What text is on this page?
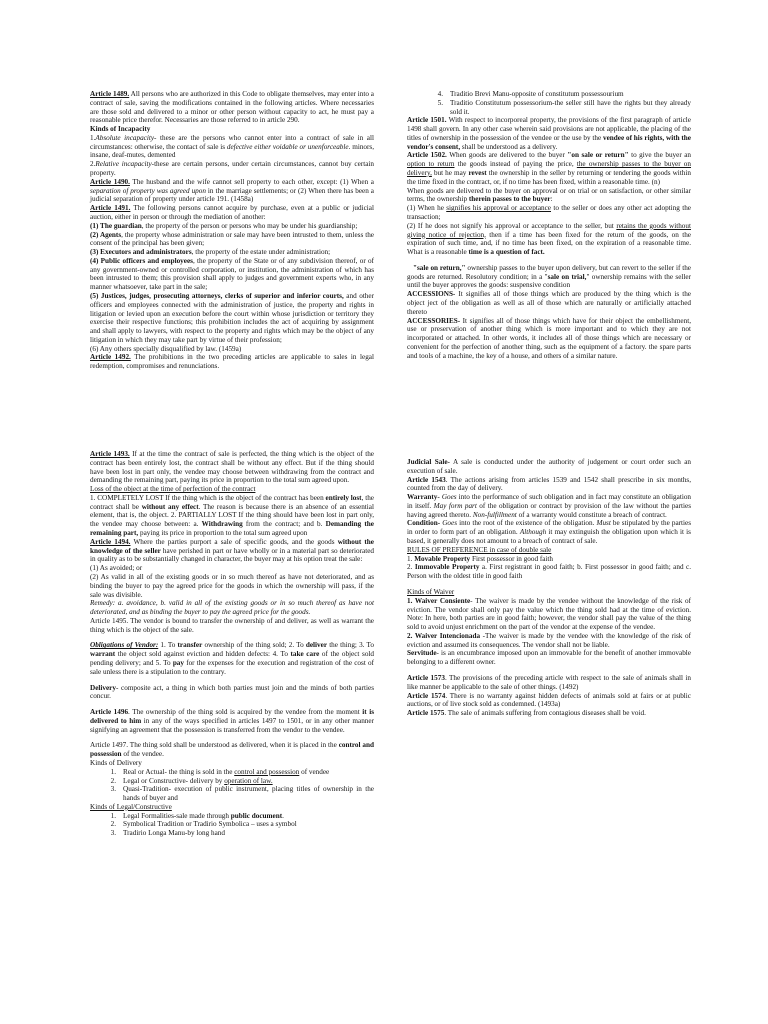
Article 1489. All persons who are authorized in this Code to obligate themselves, may enter into a contract of sale, saving the modifications contained in the following articles. Where necessaries are those sold and delivered to a minor or other person without capacity to act, he must pay a reasonable price therefor. Necessaries are those referred to in article 290.

Kinds of Incapacity

1.Absolute incapacity- these are the persons who cannot enter into a contract of sale in all circumstances: otherwise, the contact of sale is defective either voidable or unenforceable. minors, insane, deaf-mutes, demented

2.Relative incapacity-these are certain persons, under certain circumstances, cannot buy certain property.

Article 1490. The husband and the wife cannot sell property to each other, except: (1) When a separation of property was agreed upon in the marriage settlements; or (2) When there has been a judicial separation of property under article 191. (1458a)

Article 1491. The following persons cannot acquire by purchase, even at a public or judicial auction, either in person or through the mediation of another:

(1) The guardian, the property of the person or persons who may be under his guardianship;

(2) Agents, the property whose administration or sale may have been intrusted to them, unless the consent of the principal has been given;

(3) Executors and administrators, the property of the estate under administration;

(4) Public officers and employees, the property of the State or of any subdivision thereof, or of any government-owned or controlled corporation, or institution, the administration of which has been intrusted to them; this provision shall apply to judges and government experts who, in any manner whatsoever, take part in the sale;

(5) Justices, judges, prosecuting attorneys, clerks of superior and inferior courts, and other officers and employees connected with the administration of justice, the property and rights in litigation or levied upon an execution before the court within whose jurisdiction or territory they exercise their respective functions; this prohibition includes the act of acquiring by assignment and shall apply to lawyers, with respect to the property and rights which may be the object of any litigation in which they may take part by virtue of their profession;

(6) Any others specially disqualified by law. (1459a)

Article 1492. The prohibitions in the two preceding articles are applicable to sales in legal redemption, compromises and renunciations.

4. Traditio Brevi Manu-opposite of constitutum possessourium
5. Traditio Constitutum possessorium-the seller still have the rights but they already sold it.

Article 1501. With respect to incorporeal property, the provisions of the first paragraph of article 1498 shall govern. In any other case wherein said provisions are not applicable, the placing of the titles of ownership in the possession of the vendee or the use by the vendee of his rights, with the vendor's consent, shall be understood as a delivery.

Article 1502. When goods are delivered to the buyer "on sale or return" to give the buyer an option to return the goods instead of paying the price, the ownership passes to the buyer on delivery, but he may revest the ownership in the seller by returning or tendering the goods within the time fixed in the contract, or, if no time has been fixed, within a reasonable time. (n)

When goods are delivered to the buyer on approval or on trial or on satisfaction, or other similar terms, the ownership therein passes to the buyer:

(1) When he signifies his approval or acceptance to the seller or does any other act adopting the transaction;

(2) If he does not signify his approval or acceptance to the seller, but retains the goods without giving notice of rejection, then if a time has been fixed for the return of the goods, on the expiration of such time, and, if no time has been fixed, on the expiration of a reasonable time. What is a reasonable time is a question of fact.

"sale on return," ownership passes to the buyer upon delivery, but can revert to the seller if the goods are returned. Resolutory condition; in a "sale on trial," ownership remains with the seller until the buyer approves the goods: suspensive condition

ACCESSIONS- It signifies all of those things which are produced by the thing which is the object ject of the obligation as well as all of those which are naturally or artificially attached thereto

ACCESSORIES- It signifies all of those things which have for their object the embellishment, use or preservation of another thing which is more important and to which they are not incorporated or attached. In other words, it includes all of those things which are necessary or convenient for the perfection of another thing, such as the equipment of a factory. the spare parts and tools of a machine, the key of a house, and others of a similar nature.

Article 1493. If at the time the contract of sale is perfected, the thing which is the object of the contract has been entirely lost, the contract shall be without any effect. But if the thing should have been lost in part only, the vendee may choose between withdrawing from the contract and demanding the remaining part, paying its price in proportion to the total sum agreed upon.

Loss of the object at the time of perfection of the contract

1. COMPLETELY LOST If the thing which is the object of the contract has been entirely lost, the contract shall be without any effect. The reason is because there is an absence of an essential element, that is, the object. 2. PARTIALLY LOST If the thing should have been lost in part only, the vendee may choose between: a. Withdrawing from the contract; and b. Demanding the remaining part, paying its price in proportion to the total sum agreed upon

Article 1494. Where the parties purport a sale of specific goods, and the goods without the knowledge of the seller have perished in part or have wholly or in a material part so deteriorated in quality as to be substantially changed in character, the buyer may at his option treat the sale:

(1) As avoided; or

(2) As valid in all of the existing goods or in so much thereof as have not deteriorated, and as binding the buyer to pay the agreed price for the goods in which the ownership will pass, if the sale was divisible.

Remedy: a. avoidance, b. valid in all of the existing goods or in so much thereof as have not deteriorated, and as binding the buyer to pay the agreed price for the goods.

Article 1495. The vendor is bound to transfer the ownership of and deliver, as well as warrant the thing which is the object of the sale.

Obligations of Vendor: 1. To transfer ownership of the thing sold; 2. To deliver the thing; 3. To warrant the object sold against eviction and hidden defects: 4. To take care of the object sold pending delivery; and 5. To pay for the expenses for the execution and registration of the cost of sale unless there is a stipulation to the contrary.

Delivery- composite act, a thing in which both parties must join and the minds of both parties concur.

Article 1496. The ownership of the thing sold is acquired by the vendee from the moment it is delivered to him in any of the ways specified in articles 1497 to 1501, or in any other manner signifying an agreement that the possession is transferred from the vendor to the vendee.

Article 1497. The thing sold shall be understood as delivered, when it is placed in the control and possession of the vendee.

Kinds of Delivery

1. Real or Actual- the thing is sold in the control and possession of vendee
2. Legal or Constructive- delivery by operation of law.
3. Quasi-Tradition- execution of public instrument, placing titles of ownership in the hands of buyer and

Kinds of Legal/Constructive

1. Legal Formalities-sale made through public document.
2. Symbolical Tradition or Tradirio Symbolica – uses a symbol
3. Tradirio Longa Manu-by long hand

Judicial Sale- A sale is conducted under the authority of judgement or court order such an execution of sale.

Article 1543. The actions arising from articles 1539 and 1542 shall prescribe in six months, counted from the day of delivery.

Warranty- Goes into the performance of such obligation and in fact may constitute an obligation in itself. May form part of the obligation or contract by provision of the law without the parties having agreed thereto. Non-fulfillment of a warranty would constitute a breach of contract.

Condition- Goes into the root of the existence of the obligation. Must be stipulated by the parties in order to form part of an obligation. Although it may extinguish the obligation upon which it is based, it generally does not amount to a breach of contract of sale.

RULES OF PREFERENCE in case of double sale

1. Movable Property First possessor in good faith

2. Immovable Property a. First registrant in good faith; b. First possessor in good faith; and c. Person with the oldest title in good faith

Kinds of Waiver

1. Waiver Consiente- The waiver is made by the vendee without the knowledge of the risk of eviction. The vendor shall only pay the value which the thing sold had at the time of eviction. Note: In here, both parties are in good faith; however, the vendor shall pay the value of the thing sold to avoid unjust enrichment on the part of the vendor at the expense of the vendee.

2. Waiver Intencionada -The waiver is made by the vendee with the knowledge of the risk of eviction and assumed its consequences. The vendor shall not be liable.

Servitude- is an encumbrance imposed upon an immovable for the benefit of another immovable belonging to a different owner.

Article 1573. The provisions of the preceding article with respect to the sale of animals shall in like manner be applicable to the sale of other things. (1492)

Article 1574. There is no warranty against hidden defects of animals sold at fairs or at public auctions, or of live stock sold as condemned. (1493a)

Article 1575. The sale of animals suffering from contagious diseases shall be void.
